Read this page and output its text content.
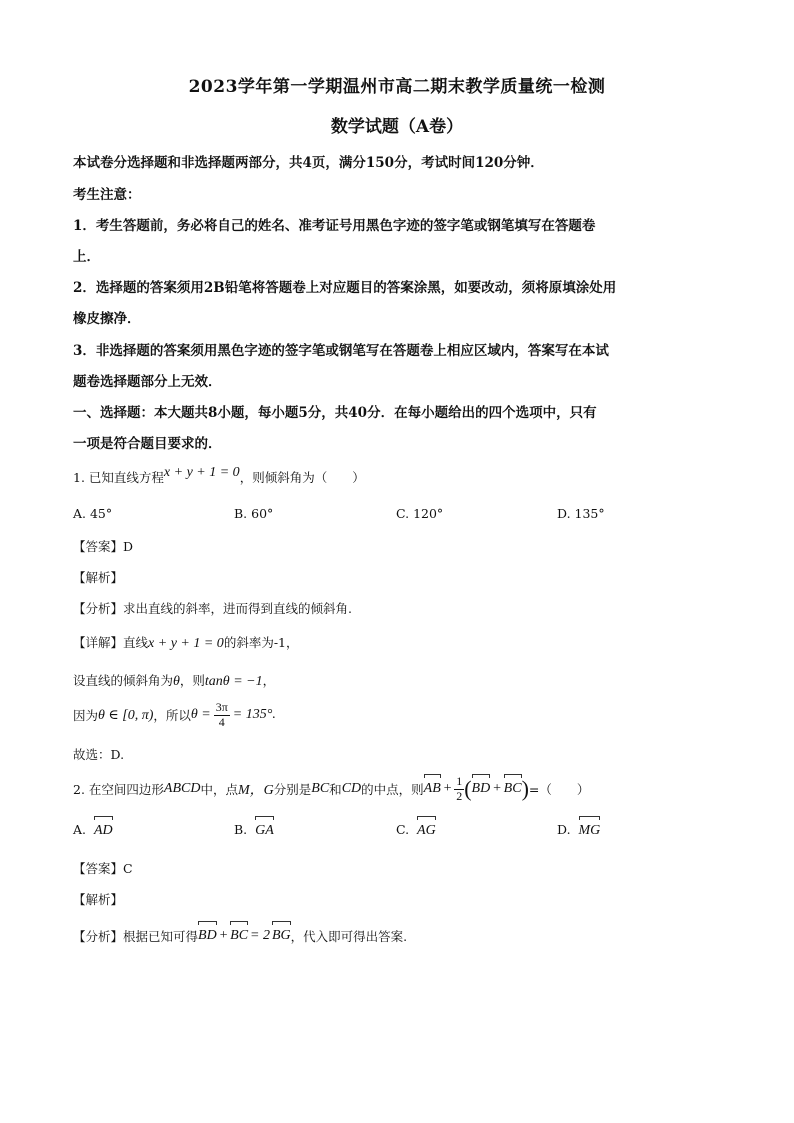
2023学年第一学期温州市高二期末教学质量统一检测
数学试题（A卷）
本试卷分选择题和非选择题两部分，共4页，满分150分，考试时间120分钟．
考生注意：
1．考生答题前，务必将自己的姓名、准考证号用黑色字迹的签字笔或钢笔填写在答题卷
上．
2．选择题的答案须用2B铅笔将答题卷上对应题目的答案涂黑，如要改动，须将原填涂处用
橡皮擦净．
3．非选择题的答案须用黑色字迹的签字笔或钢笔写在答题卷上相应区域内，答案写在本试
题卷选择题部分上无效．
一、选择题：本大题共8小题，每小题5分，共40分．在每小题给出的四个选项中，只有
一项是符合题目要求的．
1. 已知直线方程x + y + 1 = 0，则倾斜角为（　　）
A. 45°	B. 60°	C. 120°	D. 135°
【答案】D
【解析】
【分析】求出直线的斜率，进而得到直线的倾斜角.
【详解】直线x + y + 1 = 0的斜率为-1，
设直线的倾斜角为θ，则tanθ = −1，
因为 θ ∈ [0, π) ，所以 $\theta = \frac{3\pi}{4} = 135^\circ$.
故选：D.
2. 在空间四边形 ABCD 中，点 M，G 分别是 BC 和 CD 的中点，则 AB + $\frac{1}{2}$ ( BD + BC ) =（　　）
A. AD	B. GA	C. AG	D. MG
【答案】C
【解析】
【分析】 根据已知可得 BD + BC = 2 BG ，代入即可得出答案.
